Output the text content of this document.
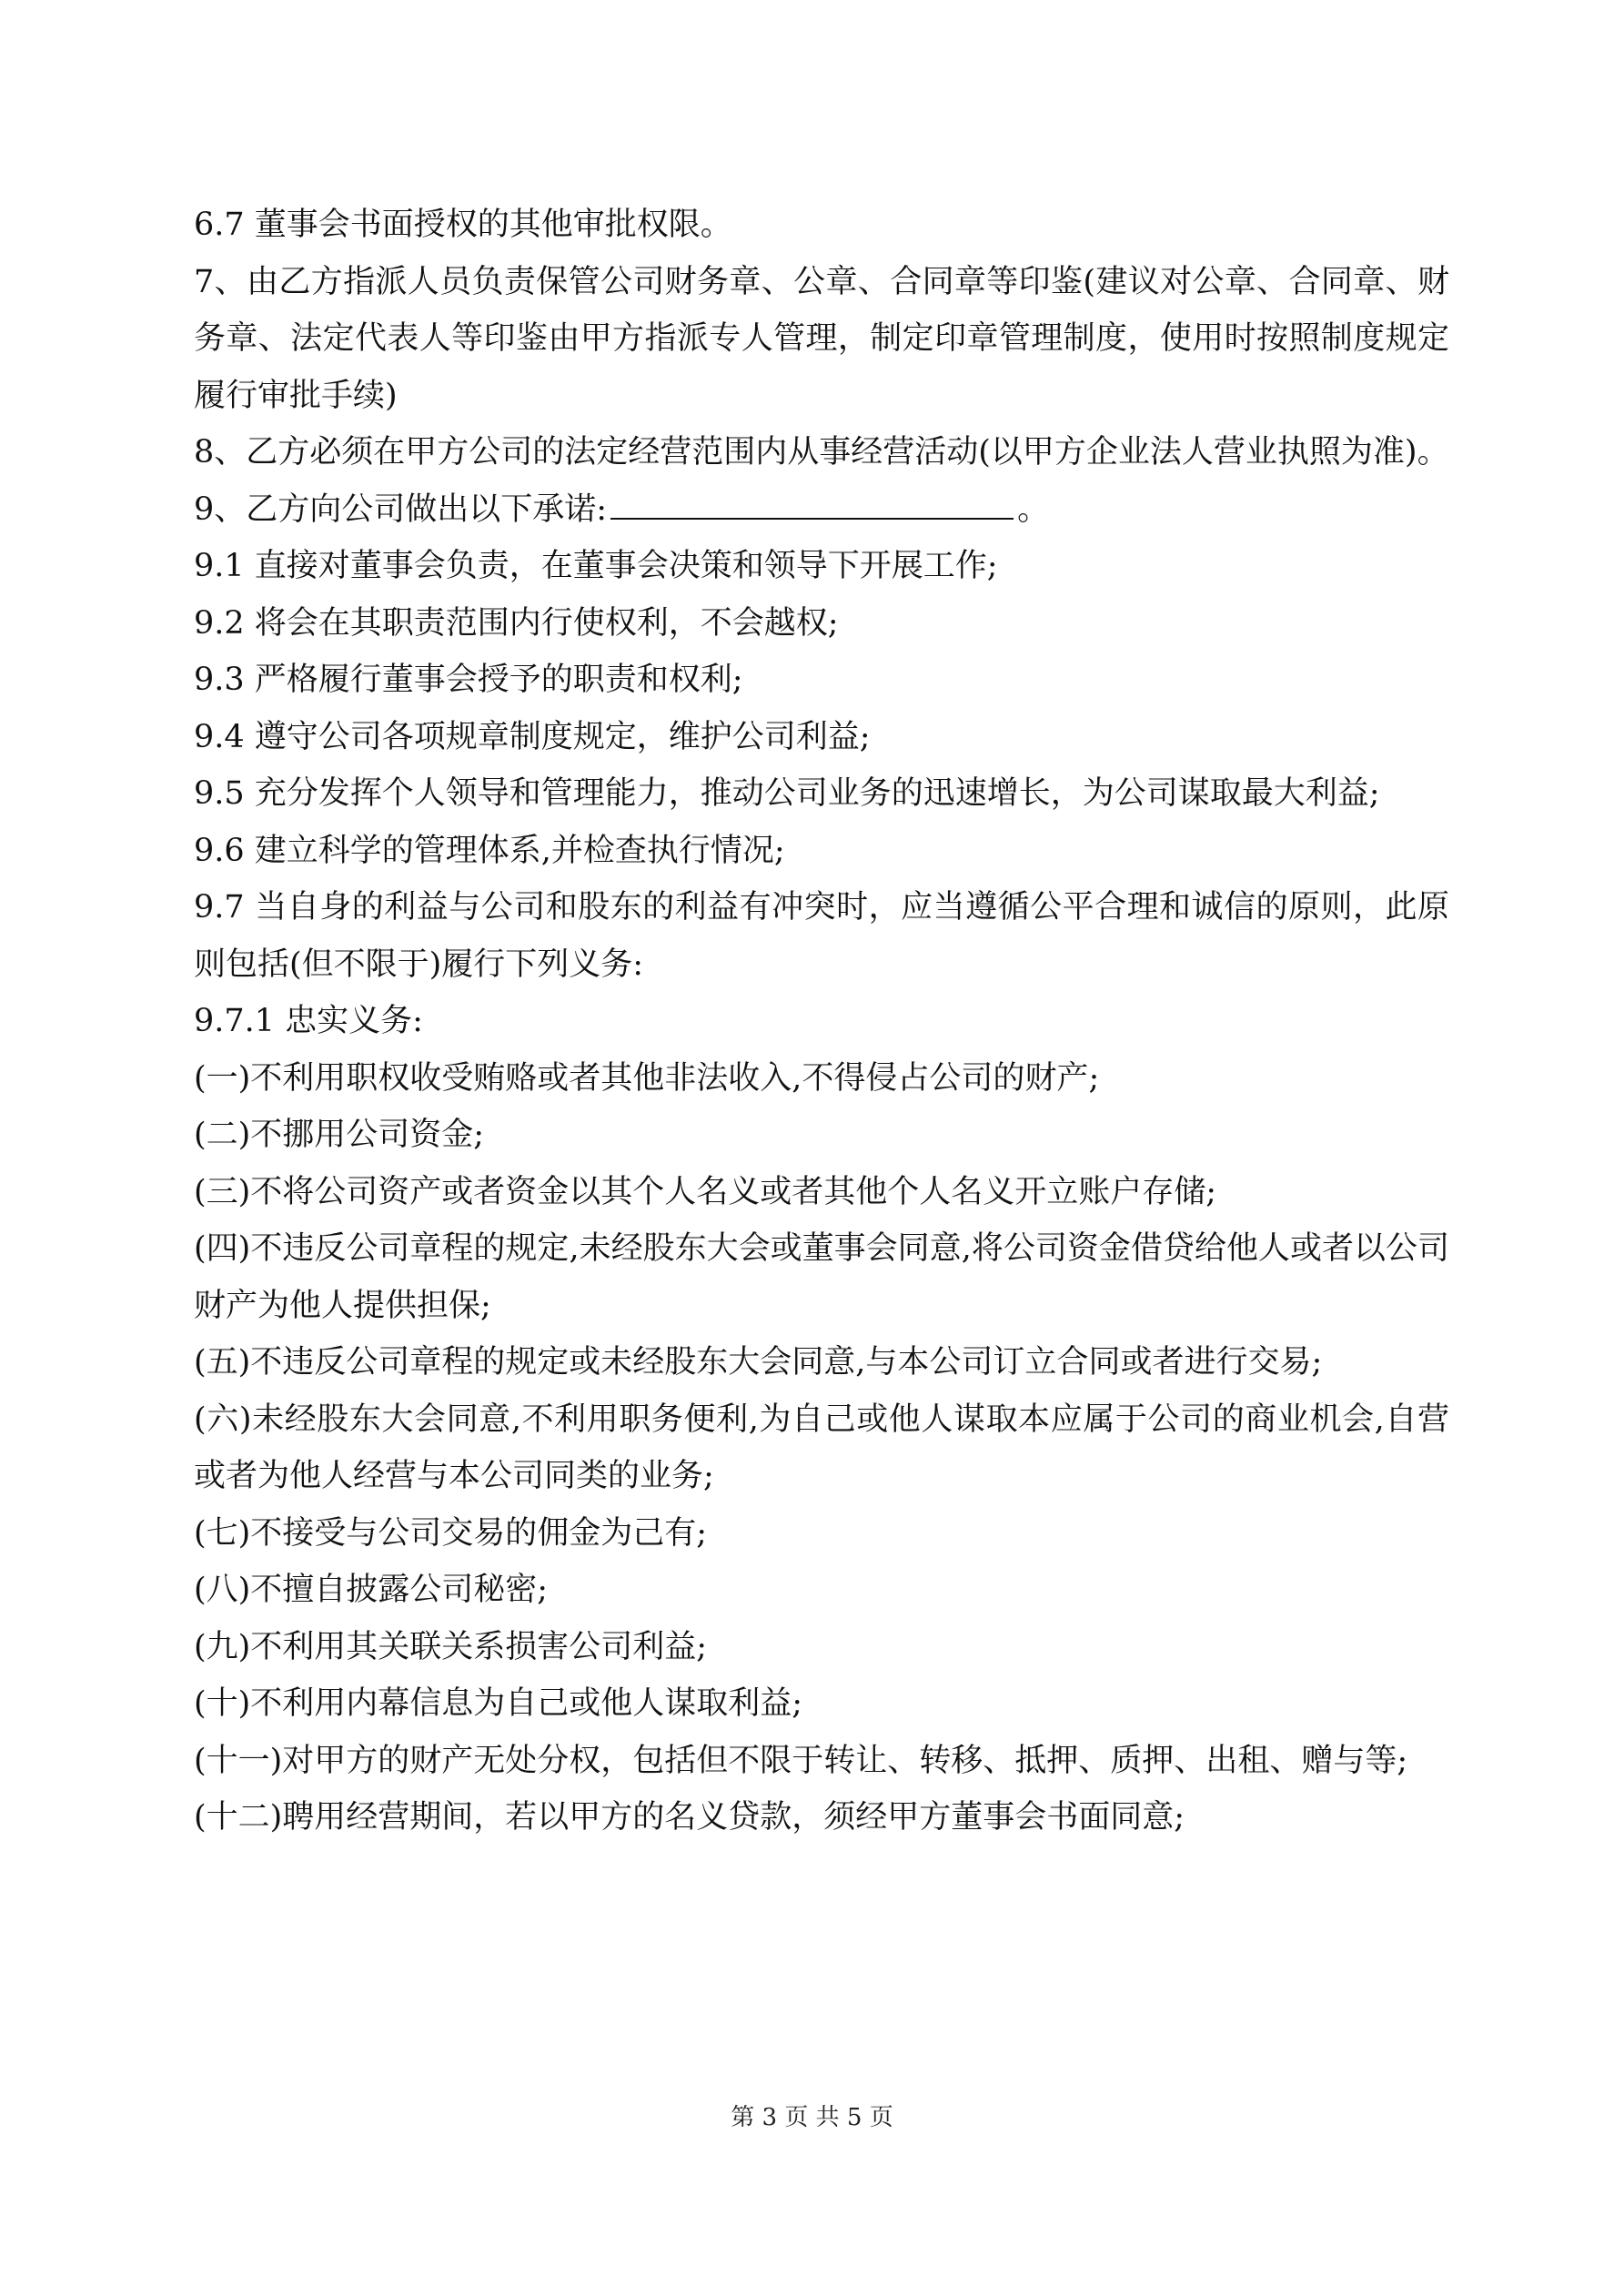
6.7 董事会书面授权的其他审批权限。

7、由乙方指派人员负责保管公司财务章、公章、合同章等印鉴(建议对公章、合同章、财务章、法定代表人等印鉴由甲方指派专人管理，制定印章管理制度，使用时按照制度规定履行审批手续)

8、乙方必须在甲方公司的法定经营范围内从事经营活动(以甲方企业法人营业执照为准)。

9、乙方向公司做出以下承诺:	。

9.1 直接对董事会负责，在董事会决策和领导下开展工作;

9.2 将会在其职责范围内行使权利，不会越权;

9.3 严格履行董事会授予的职责和权利;

9.4 遵守公司各项规章制度规定，维护公司利益;

9.5 充分发挥个人领导和管理能力，推动公司业务的迅速增长，为公司谋取最大利益;

9.6 建立科学的管理体系,并检查执行情况;

9.7 当自身的利益与公司和股东的利益有冲突时，应当遵循公平合理和诚信的原则，此原则包括(但不限于)履行下列义务:

9.7.1 忠实义务:

(一)不利用职权收受贿赂或者其他非法收入,不得侵占公司的财产;

(二)不挪用公司资金;

(三)不将公司资产或者资金以其个人名义或者其他个人名义开立账户存储;

(四)不违反公司章程的规定,未经股东大会或董事会同意,将公司资金借贷给他人或者以公司财产为他人提供担保;

(五)不违反公司章程的规定或未经股东大会同意,与本公司订立合同或者进行交易;

(六)未经股东大会同意,不利用职务便利,为自己或他人谋取本应属于公司的商业机会,自营或者为他人经营与本公司同类的业务;

(七)不接受与公司交易的佣金为己有;

(八)不擅自披露公司秘密;

(九)不利用其关联关系损害公司利益;

(十)不利用内幕信息为自己或他人谋取利益;

(十一)对甲方的财产无处分权，包括但不限于转让、转移、抵押、质押、出租、赠与等;

(十二)聘用经营期间，若以甲方的名义贷款，须经甲方董事会书面同意;

第 3 页 共 5 页
